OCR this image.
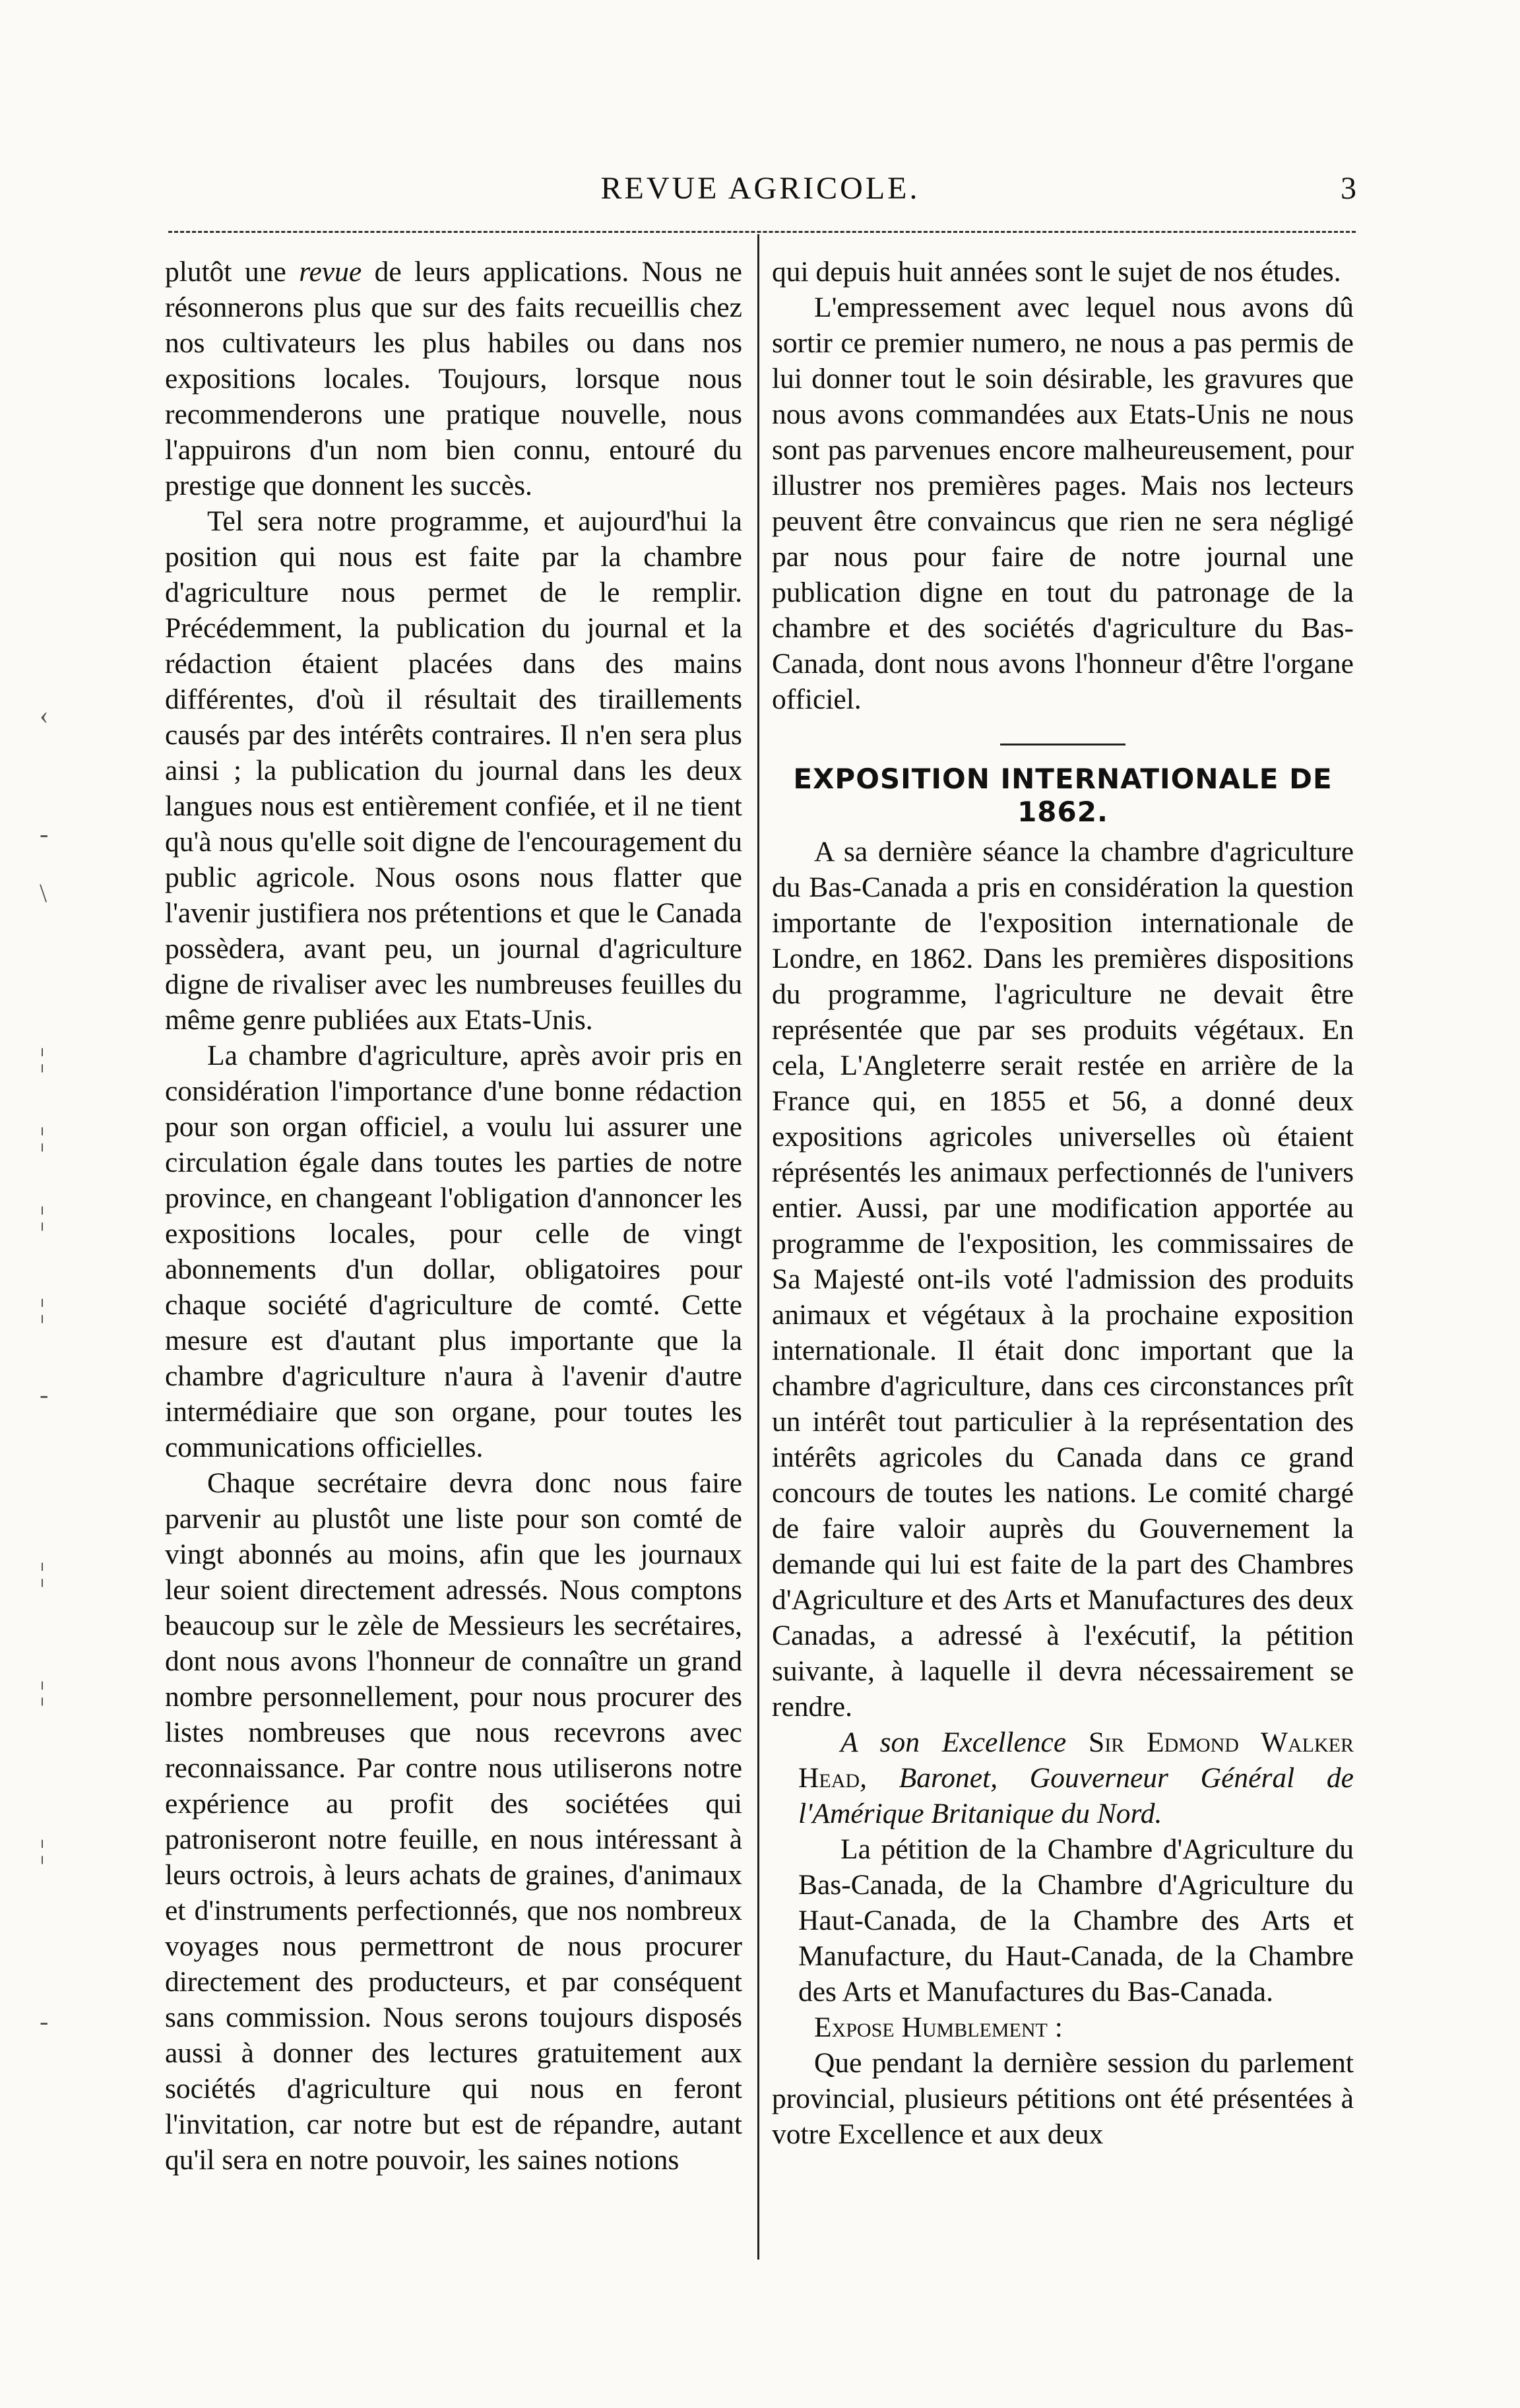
REVUE AGRICOLE.	3

plutôt une revue de leurs applications. Nous ne résonnerons plus que sur des faits recueillis chez nos cultivateurs les plus habiles ou dans nos expositions locales. Toujours, lorsque nous recommenderons une pratique nouvelle, nous l'appuirons d'un nom bien connu, entouré du prestige que donnent les succès.

Tel sera notre programme, et aujourd'hui la position qui nous est faite par la chambre d'agriculture nous permet de le remplir. Précédemment, la publication du journal et la rédaction étaient placées dans des mains différentes, d'où il résultait des tiraillements causés par des intérêts contraires. Il n'en sera plus ainsi ; la publication du journal dans les deux langues nous est entièrement confiée, et il ne tient qu'à nous qu'elle soit digne de l'encouragement du public agricole. Nous osons nous flatter que l'avenir justifiera nos prétentions et que le Canada possèdera, avant peu, un journal d'agriculture digne de rivaliser avec les numbreuses feuilles du même genre publiées aux Etats-Unis.

La chambre d'agriculture, après avoir pris en considération l'importance d'une bonne rédaction pour son organ officiel, a voulu lui assurer une circulation égale dans toutes les parties de notre province, en changeant l'obligation d'annoncer les expositions locales, pour celle de vingt abonnements d'un dollar, obligatoires pour chaque société d'agriculture de comté. Cette mesure est d'autant plus importante que la chambre d'agriculture n'aura à l'avenir d'autre intermédiaire que son organe, pour toutes les communications officielles.

Chaque secrétaire devra donc nous faire parvenir au plustôt une liste pour son comté de vingt abonnés au moins, afin que les journaux leur soient directement adressés. Nous comptons beaucoup sur le zèle de Messieurs les secrétaires, dont nous avons l'honneur de connaître un grand nombre personnellement, pour nous procurer des listes nombreuses que nous recevrons avec reconnaissance. Par contre nous utiliserons notre expérience au profit des sociétées qui patroniseront notre feuille, en nous intéressant à leurs octrois, à leurs achats de graines, d'animaux et d'instruments perfectionnés, que nos nombreux voyages nous permettront de nous procurer directement des producteurs, et par conséquent sans commission. Nous serons toujours disposés aussi à donner des lectures gratuitement aux sociétés d'agriculture qui nous en feront l'invitation, car notre but est de répandre, autant qu'il sera en notre pouvoir, les saines notions

qui depuis huit années sont le sujet de nos études.

L'empressement avec lequel nous avons dû sortir ce premier numero, ne nous a pas permis de lui donner tout le soin désirable, les gravures que nous avons commandées aux Etats-Unis ne nous sont pas parvenues encore malheureusement, pour illustrer nos premières pages. Mais nos lecteurs peuvent être convaincus que rien ne sera négligé par nous pour faire de notre journal une publication digne en tout du patronage de la chambre et des sociétés d'agriculture du Bas-Canada, dont nous avons l'honneur d'être l'organe officiel.

EXPOSITION INTERNATIONALE DE
1862.

A sa dernière séance la chambre d'agriculture du Bas-Canada a pris en considération la question importante de l'exposition internationale de Londre, en 1862. Dans les premières dispositions du programme, l'agriculture ne devait être représentée que par ses produits végétaux. En cela, L'Angleterre serait restée en arrière de la France qui, en 1855 et 56, a donné deux expositions agricoles universelles où étaient réprésentés les animaux perfectionnés de l'univers entier. Aussi, par une modification apportée au programme de l'exposition, les commissaires de Sa Majesté ont-ils voté l'admission des produits animaux et végétaux à la prochaine exposition internationale. Il était donc important que la chambre d'agriculture, dans ces circonstances prît un intérêt tout particulier à la représentation des intérêts agricoles du Canada dans ce grand concours de toutes les nations. Le comité chargé de faire valoir auprès du Gouvernement la demande qui lui est faite de la part des Chambres d'Agriculture et des Arts et Manufactures des deux Canadas, a adressé à l'exécutif, la pétition suivante, à laquelle il devra nécessairement se rendre.

A son Excellence Sir Edmond Walker Head, Baronet, Gouverneur Général de l'Amérique Britanique du Nord.

La pétition de la Chambre d'Agriculture du Bas-Canada, de la Chambre d'Agriculture du Haut-Canada, de la Chambre des Arts et Manufacture, du Haut-Canada, de la Chambre des Arts et Manufactures du Bas-Canada.

Expose Humblement :

Que pendant la dernière session du parlement provincial, plusieurs pétitions ont été présentées à votre Excellence et aux deux

‹
-
\
¦
¦
¦
¦
-
¦
¦
¦
-
